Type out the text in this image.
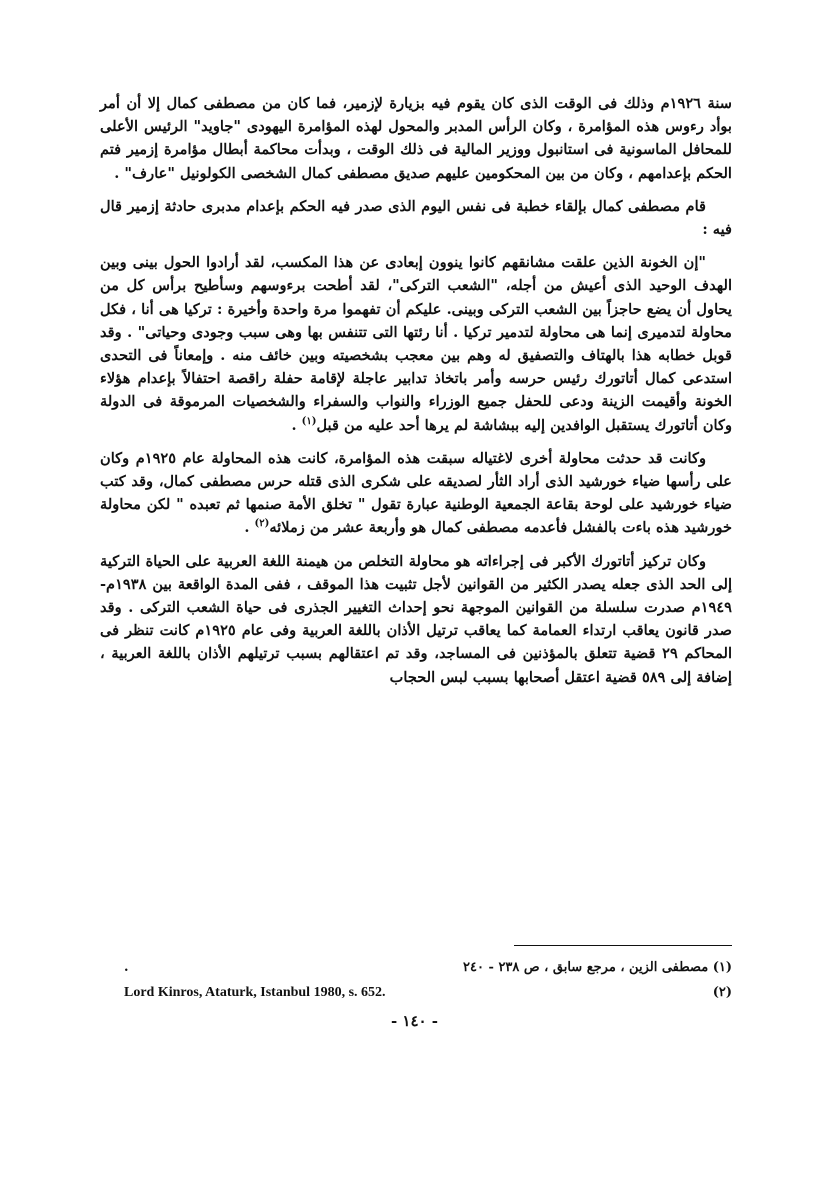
سنة ١٩٢٦م وذلك فى الوقت الذى كان يقوم فيه بزيارة لإزمير، فما كان من مصطفى كمال إلا أن أمر بوأد رءوس هذه المؤامرة ، وكان الرأس المدبر والمحول لهذه المؤامرة اليهودى "جاويد" الرئيس الأعلى للمحافل الماسونية فى استانبول ووزير المالية فى ذلك الوقت ، وبدأت محاكمة أبطال مؤامرة إزمير فتم الحكم بإعدامهم ، وكان من بين المحكومين عليهم صديق مصطفى كمال الشخصى الكولونيل "عارف" .

قام مصطفى كمال بإلقاء خطبة فى نفس اليوم الذى صدر فيه الحكم بإعدام مدبرى حادثة إزمير قال فيه :

"إن الخونة الذين علقت مشانقهم كانوا ينوون إبعادى عن هذا المكسب، لقد أرادوا الحول بينى وبين الهدف الوحيد الذى أعيش من أجله، "الشعب التركى"، لقد أطحت برءوسهم وسأطيح برأس كل من يحاول أن يضع حاجزاً بين الشعب التركى وبينى. عليكم أن تفهموا مرة واحدة وأخيرة : تركيا هى أنا ، فكل محاولة لتدميرى إنما هى محاولة لتدمير تركيا . أنا رئتها التى تتنفس بها وهى سبب وجودى وحياتى" . وقد قوبل خطابه هذا بالهتاف والتصفيق له وهم بين معجب بشخصيته وبين خائف منه . وإمعاناً فى التحدى استدعى كمال أتاتورك رئيس حرسه وأمر باتخاذ تدابير عاجلة لإقامة حفلة راقصة احتفالاً بإعدام هؤلاء الخونة وأقيمت الزينة ودعى للحفل جميع الوزراء والنواب والسفراء والشخصيات المرموقة فى الدولة وكان أتاتورك يستقبل الوافدين إليه ببشاشة لم يرها أحد عليه من قبل$^{(١)}$ .

وكانت قد حدثت محاولة أخرى لاغتياله سبقت هذه المؤامرة، كانت هذه المحاولة عام ١٩٢٥م وكان على رأسها ضياء خورشيد الذى أراد الثأر لصديقه على شكرى الذى قتله حرس مصطفى كمال، وقد كتب ضياء خورشيد على لوحة بقاعة الجمعية الوطنية عبارة تقول " تخلق الأمة صنمها ثم تعبده " لكن محاولة خورشيد هذه باءت بالفشل فأعدمه مصطفى كمال هو وأربعة عشر من زملائه$^{(٢)}$ .

وكان تركيز أتاتورك الأكبر فى إجراءاته هو محاولة التخلص من هيمنة اللغة العربية على الحياة التركية إلى الحد الذى جعله يصدر الكثير من القوانين لأجل تثبيت هذا الموقف ، ففى المدة الواقعة بين ١٩٣٨م- ١٩٤٩م صدرت سلسلة من القوانين الموجهة نحو إحداث التغيير الجذرى فى حياة الشعب التركى . وقد صدر قانون يعاقب ارتداء العمامة كما يعاقب ترتيل الأذان باللغة العربية وفى عام ١٩٢٥م كانت تنظر فى المحاكم ٢٩ قضية تتعلق بالمؤذنين فى المساجد، وقد تم اعتقالهم بسبب ترتيلهم الأذان باللغة العربية ، إضافة إلى ٥٨٩ قضية اعتقل أصحابها بسبب لبس الحجاب

(١) مصطفى الزين ، مرجع سابق ، ص ٢٣٨ - ٢٤٠
.
(٢)
Lord Kinros, Ataturk, Istanbul 1980, s. 652.
- ١٤٠ -
